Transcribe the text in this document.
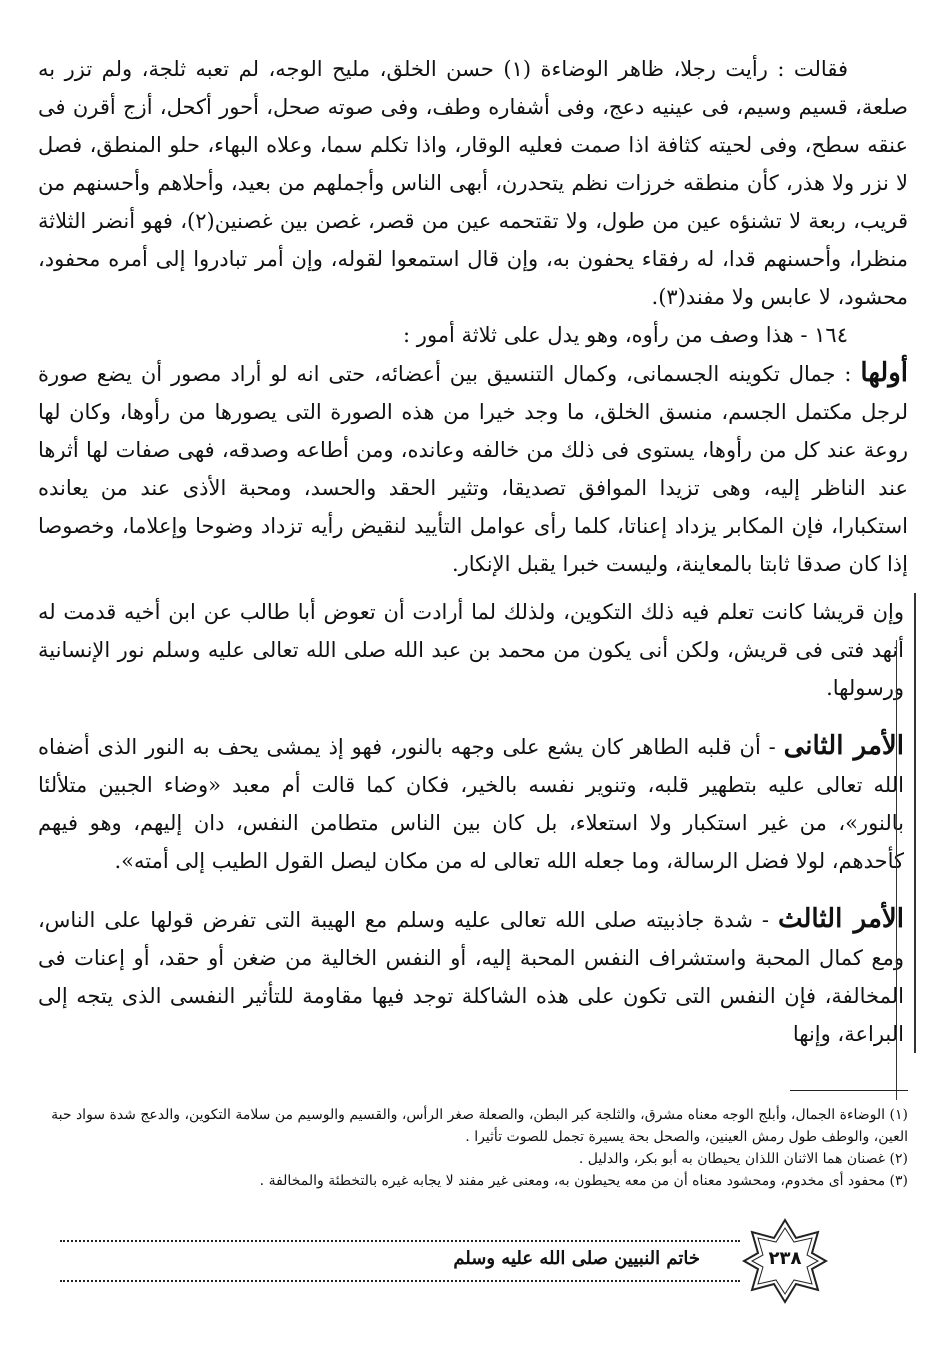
فقالت : رأيت رجلا، ظاهر الوضاءة (١) حسن الخلق، مليح الوجه، لم تعبه ثلجة، ولم تزر به صلعة، قسيم وسيم، فى عينيه دعج، وفى أشفاره وطف، وفى صوته صحل، أحور أكحل، أزج أقرن فى عنقه سطح، وفى لحيته كثافة اذا صمت فعليه الوقار، واذا تكلم سما، وعلاه البهاء، حلو المنطق، فصل لا نزر ولا هذر، كأن منطقه خرزات نظم يتحدرن، أبهى الناس وأجملهم من بعيد، وأحلاهم وأحسنهم من قريب، ربعة لا تشنؤه عين من طول، ولا تقتحمه عين من قصر، غصن بين غصنين(٢)، فهو أنضر الثلاثة منظرا، وأحسنهم قدا، له رفقاء يحفون به، وإن قال استمعوا لقوله، وإن أمر تبادروا إلى أمره محفود، محشود، لا عابس ولا مفند(٣).

١٦٤ - هذا وصف من رأوه، وهو يدل على ثلاثة أمور :

أولها : جمال تكوينه الجسمانى، وكمال التنسيق بين أعضائه، حتى انه لو أراد مصور أن يضع صورة لرجل مكتمل الجسم، منسق الخلق، ما وجد خيرا من هذه الصورة التى يصورها من رأوها، وكان لها روعة عند كل من رأوها، يستوى فى ذلك من خالفه وعانده، ومن أطاعه وصدقه، فهى صفات لها أثرها عند الناظر إليه، وهى تزيدا الموافق تصديقا، وتثير الحقد والحسد، ومحبة الأذى عند من يعانده استكبارا، فإن المكابر يزداد إعناتا، كلما رأى عوامل التأييد لنقيض رأيه تزداد وضوحا وإعلاما، وخصوصا إذا كان صدقا ثابتا بالمعاينة، وليست خبرا يقبل الإنكار.

وإن قريشا كانت تعلم فيه ذلك التكوين، ولذلك لما أرادت أن تعوض أبا طالب عن ابن أخيه قدمت له أنهد فتى فى قريش، ولكن أنى يكون من محمد بن عبد الله صلى الله تعالى عليه وسلم نور الإنسانية ورسولها.

الأمر الثانى - أن قلبه الطاهر كان يشع على وجهه بالنور، فهو إذ يمشى يحف به النور الذى أضفاه الله تعالى عليه بتطهير قلبه، وتنوير نفسه بالخير، فكان كما قالت أم معبد «وضاء الجبين متلألئا بالنور»، من غير استكبار ولا استعلاء، بل كان بين الناس متطامن النفس، دان إليهم، وهو فيهم كأحدهم، لولا فضل الرسالة، وما جعله الله تعالى له من مكان ليصل القول الطيب إلى أمته».

الأمر الثالث - شدة جاذبيته صلى الله تعالى عليه وسلم مع الهيبة التى تفرض قولها على الناس، ومع كمال المحبة واستشراف النفس المحبة إليه، أو النفس الخالية من ضغن أو حقد، أو إعنات فى المخالفة، فإن النفس التى تكون على هذه الشاكلة توجد فيها مقاومة للتأثير النفسى الذى يتجه إلى البراعة، وإنها

(١) الوضاءة الجمال، وأبلج الوجه معناه مشرق، والثلجة كبر البطن، والصعلة صغر الرأس، والقسيم والوسيم من سلامة التكوين، والدعج شدة سواد حبة العين، والوطف طول رمش العينين، والصحل بحة يسيرة تجمل للصوت تأثيرا .

(٢) غصنان هما الاثنان اللذان يحيطان به أبو بكر، والدليل .

(٣) محفود أى مخدوم، ومحشود معناه أن من معه يحيطون به، ومعنى غير مفند لا يجابه غيره بالتخطئة والمخالفة .

خاتم النبيين صلى الله عليه وسلم	٢٣٨
